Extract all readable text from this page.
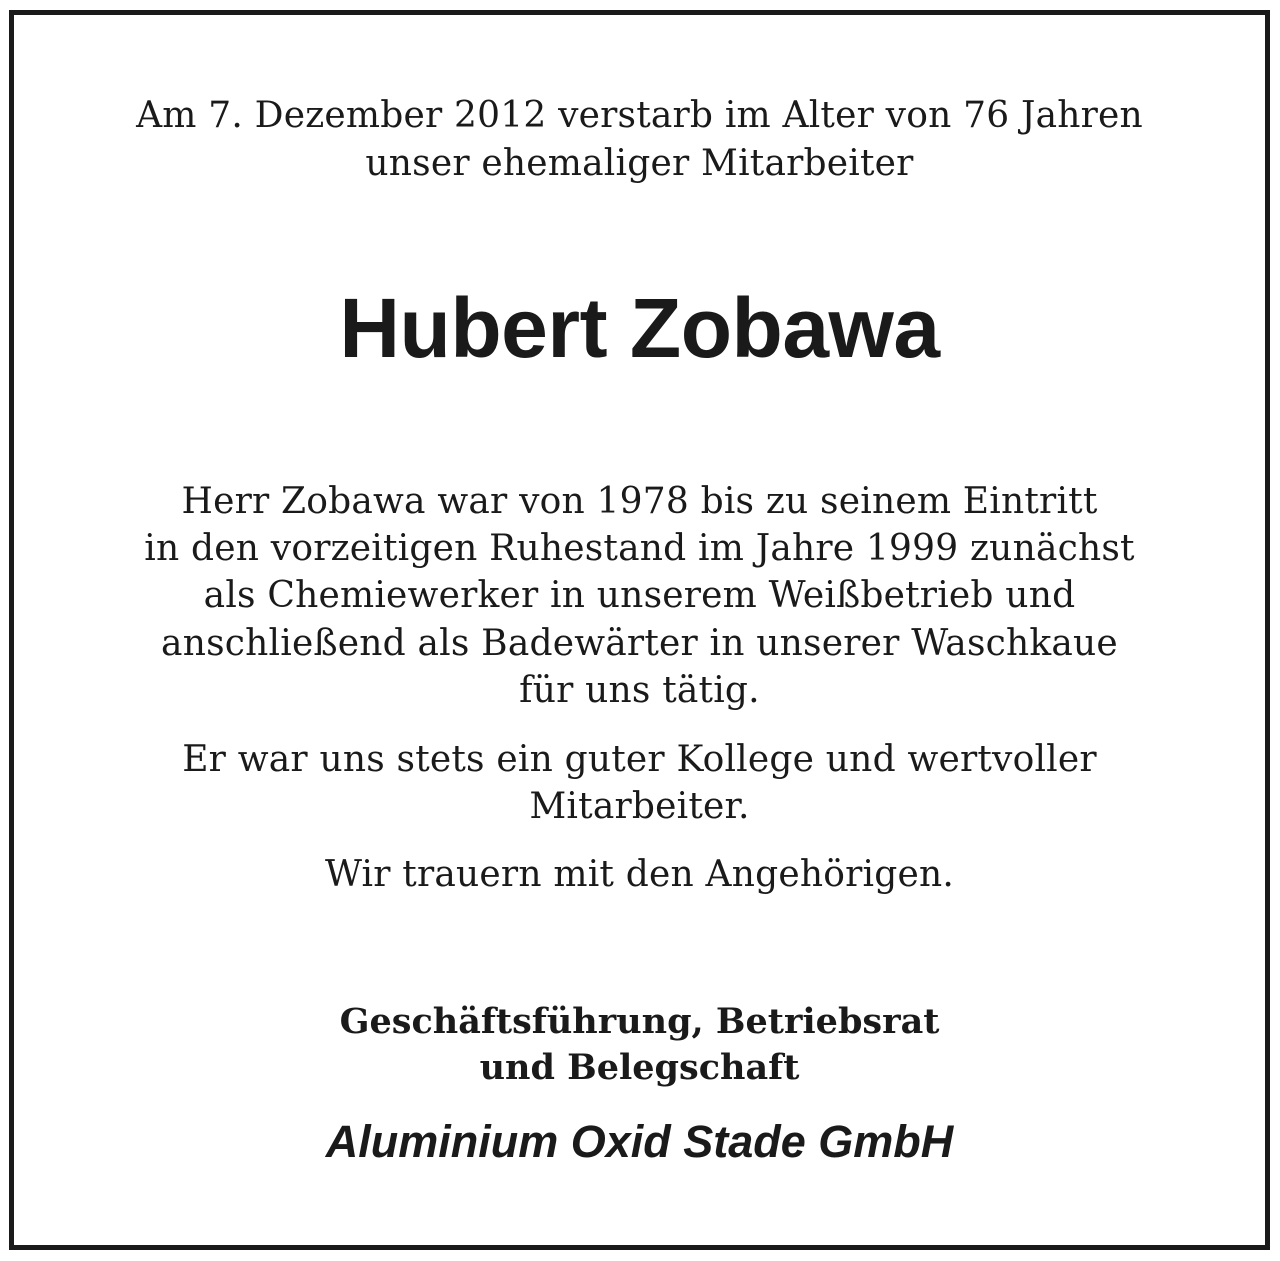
Am 7. Dezember 2012 verstarb im Alter von 76 Jahren

unser ehemaliger Mitarbeiter

Hubert Zobawa

Herr Zobawa war von 1978 bis zu seinem Eintritt

in den vorzeitigen Ruhestand im Jahre 1999 zunächst

als Chemiewerker in unserem Weißbetrieb und

anschließend als Badewärter in unserer Waschkaue

für uns tätig.

Er war uns stets ein guter Kollege und wertvoller

Mitarbeiter.

Wir trauern mit den Angehörigen.

Geschäftsführung, Betriebsrat

und Belegschaft

Aluminium Oxid Stade GmbH
